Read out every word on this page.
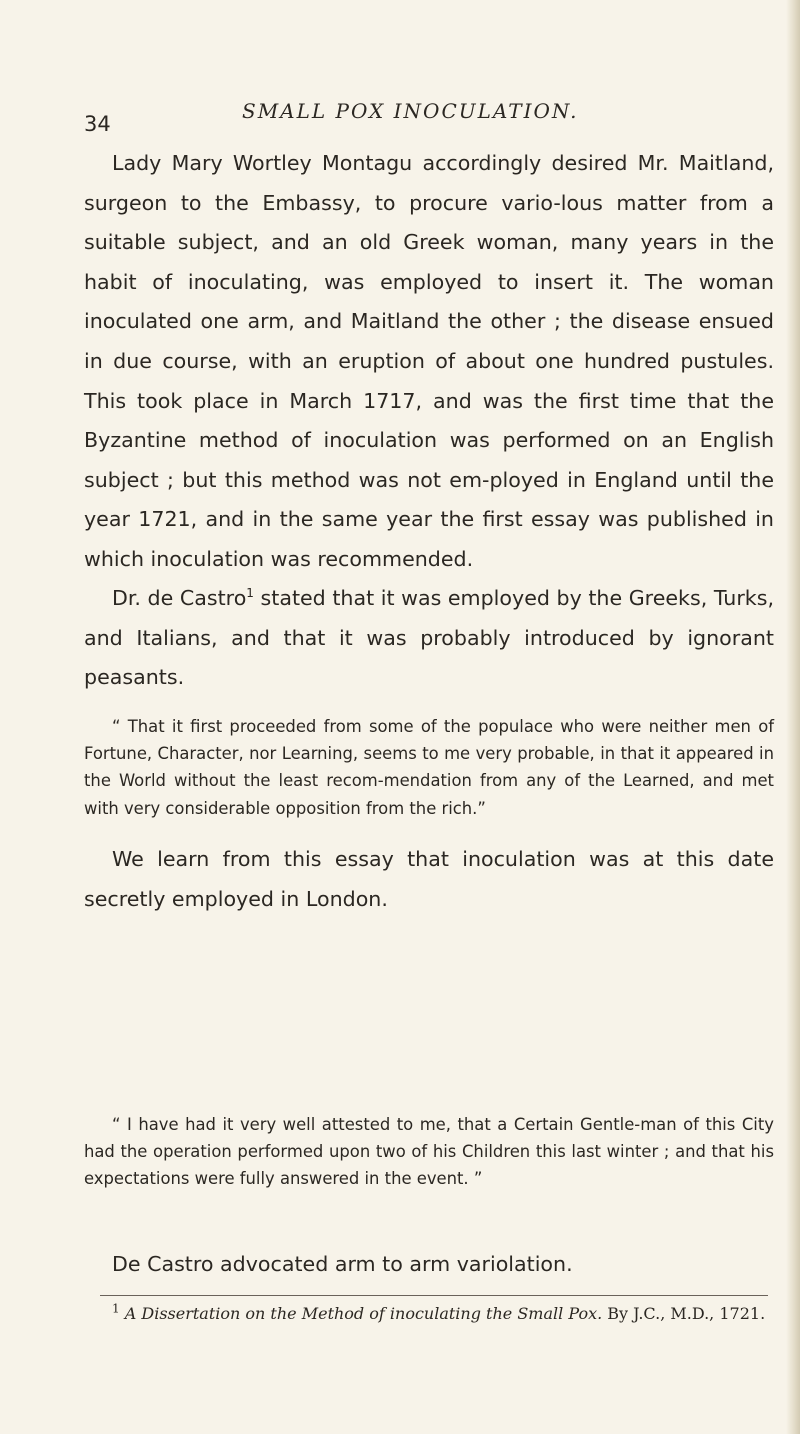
34

SMALL POX INOCULATION.

Lady Mary Wortley Montagu accordingly desired Mr. Maitland, surgeon to the Embassy, to procure vario-lous matter from a suitable subject, and an old Greek woman, many years in the habit of inoculating, was employed to insert it. The woman inoculated one arm, and Maitland the other ; the disease ensued in due course, with an eruption of about one hundred pustules. This took place in March 1717, and was the first time that the Byzantine method of inoculation was performed on an English subject ; but this method was not em-ployed in England until the year 1721, and in the same year the first essay was published in which inoculation was recommended.

Dr. de Castro$^1$ stated that it was employed by the Greeks, Turks, and Italians, and that it was probably introduced by ignorant peasants.

“ That it first proceeded from some of the populace who were neither men of Fortune, Character, nor Learning, seems to me very probable, in that it appeared in the World without the least recom-mendation from any of the Learned, and met with very considerable opposition from the rich.”

We learn from this essay that inoculation was at this date secretly employed in London.

“ I have had it very well attested to me, that a Certain Gentle-man of this City had the operation performed upon two of his Children this last winter ; and that his expectations were fully answered in the event. ”

De Castro advocated arm to arm variolation.

$^1$ A Dissertation on the Method of inoculating the Small Pox. By J.C., M.D., 1721.
